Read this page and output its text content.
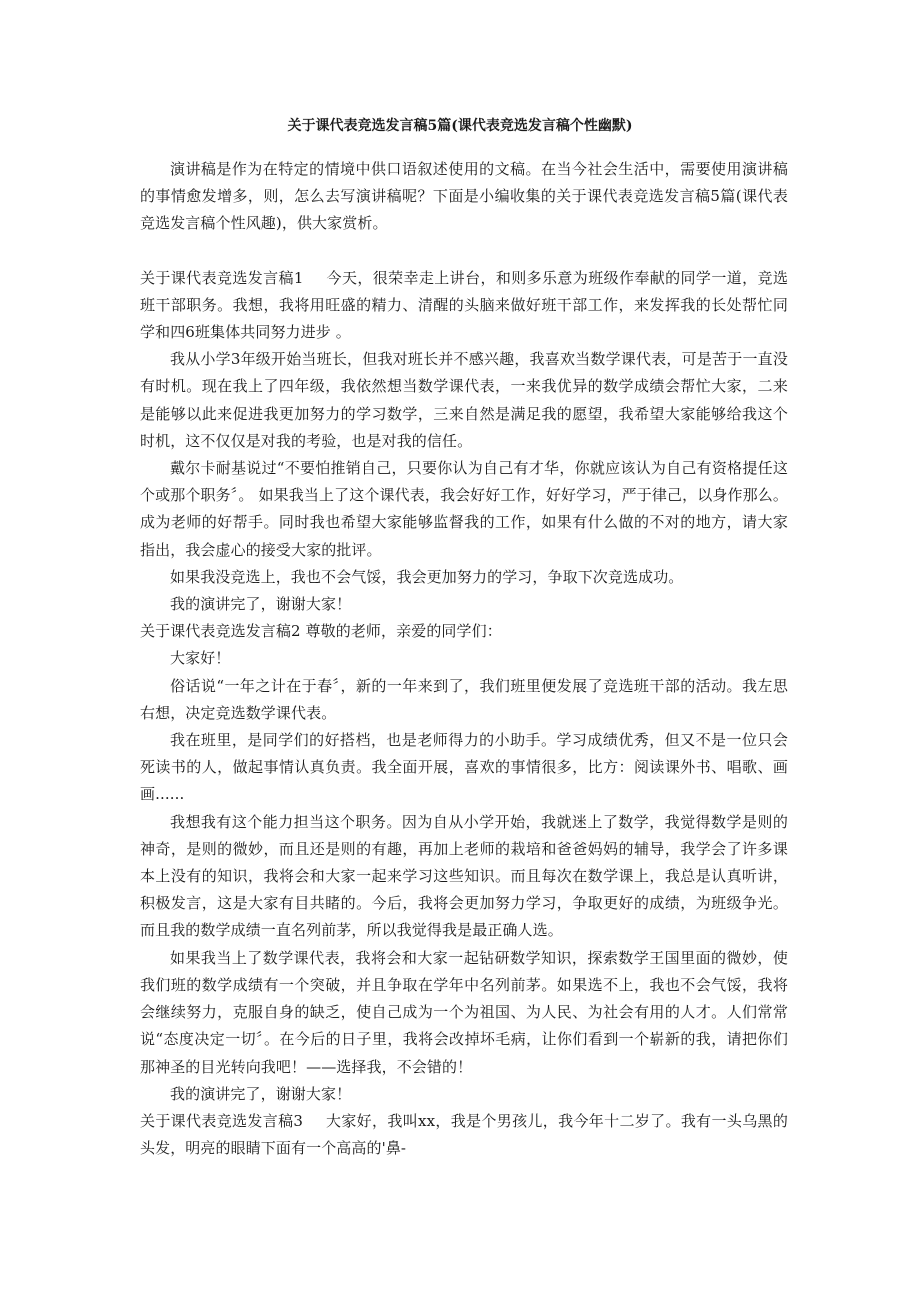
关于课代表竞选发言稿5篇(课代表竞选发言稿个性幽默)

演讲稿是作为在特定的情境中供口语叙述使用的文稿。在当今社会生活中，需要使用演讲稿的事情愈发增多，则，怎么去写演讲稿呢？下面是小编收集的关于课代表竞选发言稿5篇(课代表竞选发言稿个性风趣)，供大家赏析。

关于课代表竞选发言稿1   今天，很荣幸走上讲台，和则多乐意为班级作奉献的同学一道，竞选班干部职务。我想，我将用旺盛的精力、清醒的头脑来做好班干部工作，来发挥我的长处帮忙同学和四6班集体共同努力进步 。

我从小学3年级开始当班长，但我对班长并不感兴趣，我喜欢当数学课代表，可是苦于一直没有时机。现在我上了四年级，我依然想当数学课代表，一来我优异的数学成绩会帮忙大家，二来是能够以此来促进我更加努力的学习数学，三来自然是满足我的愿望，我希望大家能够给我这个时机，这不仅仅是对我的考验，也是对我的信任。

戴尔卡耐基说过“不要怕推销自己，只要你认为自己有才华，你就应该认为自己有资格提任这个或那个职务〞。 如果我当上了这个课代表，我会好好工作，好好学习，严于律己，以身作那么。成为老师的好帮手。同时我也希望大家能够监督我的工作，如果有什么做的不对的地方，请大家指出，我会虚心的接受大家的批评。

如果我没竞选上，我也不会气馁，我会更加努力的学习，争取下次竞选成功。

我的演讲完了，谢谢大家！

关于课代表竞选发言稿2 尊敬的老师，亲爱的同学们：

大家好！

俗话说“一年之计在于春〞，新的一年来到了，我们班里便发展了竞选班干部的活动。我左思右想，决定竞选数学课代表。

我在班里，是同学们的好搭档，也是老师得力的小助手。学习成绩优秀，但又不是一位只会死读书的人，做起事情认真负责。我全面开展，喜欢的事情很多，比方：阅读课外书、唱歌、画画......

我想我有这个能力担当这个职务。因为自从小学开始，我就迷上了数学，我觉得数学是则的神奇，是则的微妙，而且还是则的有趣，再加上老师的栽培和爸爸妈妈的辅导，我学会了许多课本上没有的知识，我将会和大家一起来学习这些知识。而且每次在数学课上，我总是认真听讲，积极发言，这是大家有目共睹的。今后，我将会更加努力学习，争取更好的成绩，为班级争光。而且我的数学成绩一直名列前茅，所以我觉得我是最正确人选。

如果我当上了数学课代表，我将会和大家一起钻研数学知识，探索数学王国里面的微妙，使我们班的数学成绩有一个突破，并且争取在学年中名列前茅。如果选不上，我也不会气馁，我将会继续努力，克服自身的缺乏，使自己成为一个为祖国、为人民、为社会有用的人才。人们常常说“态度决定一切〞。在今后的日子里，我将会改掉坏毛病，让你们看到一个崭新的我，请把你们那神圣的目光转向我吧！——选择我，不会错的！

我的演讲完了，谢谢大家！

关于课代表竞选发言稿3   大家好，我叫xx，我是个男孩儿，我今年十二岁了。我有一头乌黑的头发，明亮的眼睛下面有一个高高的'鼻-
